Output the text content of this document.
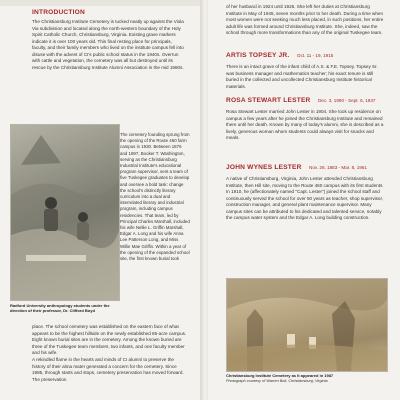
INTRODUCTION

The Christiansburg Institute Cemetery is tucked neatly up against the Viola Via subdivision and located along the north-western boundary of the Holy Spirit Catholic Church, Christiansburg, Virginia. Existing grave markers indicate it is over 100 years old. This final resting place for principals, faculty, and their family members who lived on the institute campus fell into disuse with the advent of CI's public school status in the 1940s. Overrun with cattle and vegetation, the cemetery was all but destroyed until its rescue by the Christiansburg Institute Alumni Association in the mid 1980s.

Radford University anthropology students under the direction of their professor, Dr. Clifford Boyd

The cemetery founding sprung from the opening of the Route 460 farm campus in 1930. Between 1876 and 1897, Booker T. Washington, serving as the Christiansburg Industrial Institute's educational program supervisor, sent a team of five Tuskegee graduates to develop and oversee a bold task: change the school's distinctly literary curriculum into a dual and interrelated literary and industrial program, including campus residencies. That team, led by Principal Charles Marshall, included his wife Nellie L. Griffin Marshall, Edgar A. Long and his wife Anna Lee Patterson Long, and Miss Willie Mae Griffin. Within a year of the opening of the expanded school site, the first known burial took

place. The school cemetery was established on the eastern face of what appears to be the highest hillside on the newly established 85-acre campus. Eight known burial sites are in the cemetery. Among the known buried are three of the Tuskegee team members, two infants, and one faculty member and his wife.

A rekindled flame in the hearts and minds of CI alumni to preserve the history of their alma mater generated a concern for the cemetery. Since 1985, through starts and stops, cemetery preservation has moved forward. The preservation

of her husband in 1924 until 1926. She left her duties at Christiansburg Institute in May of 1945, seven months prior to her death. During a time when most women were not seeking much less placed, in such positions, her entire adult life was formed around Christiansburg Institute. She, indeed, saw the school through more transformations than any of the original Tuskegee team.

ARTIS TOPSEY JR. Oct. 11 - 19, 1915

There is an intact grave of the infant child of A.S. & F.E. Topsey. Topsey Sr. was business manager and mathematics teacher; his exact tenure is still buried in the collected and uncollected Christiansburg Institute historical materials.

ROSA STEWART LESTER Dec. 3, 1890 - Sept. 6, 1937

Rosa Stewart Lester married John Lester in 1904. She took up residence on campus a few years after he joined the Christiansburg Institute and remained there until her death. Known by many of today's alumni, she is described as a lively, generous woman whom students could always visit for snacks and meals.

JOHN WYNES LESTER Nov. 26, 1883 - Mar. 8, 1961

A native of Christiansburg, Virginia, John Lester attended Christiansburg Institute, then Hill site, moving to the Route 460 campus with its first students. In 1910, he (affectionately named "Capt. Lester") joined the school staff and continuously served the school for over 50 years as teacher, shop supervisor, construction manager, and general plant maintenance supervisor. Many campus sites can be attributed to his dedicated and talented service, notably the campus water system and the Edgar A. Long building construction.

Christiansburg Institute Cemetery as it appeared in 1987

Photograph courtesy of Warren Bolt, Christiansburg, Virginia
